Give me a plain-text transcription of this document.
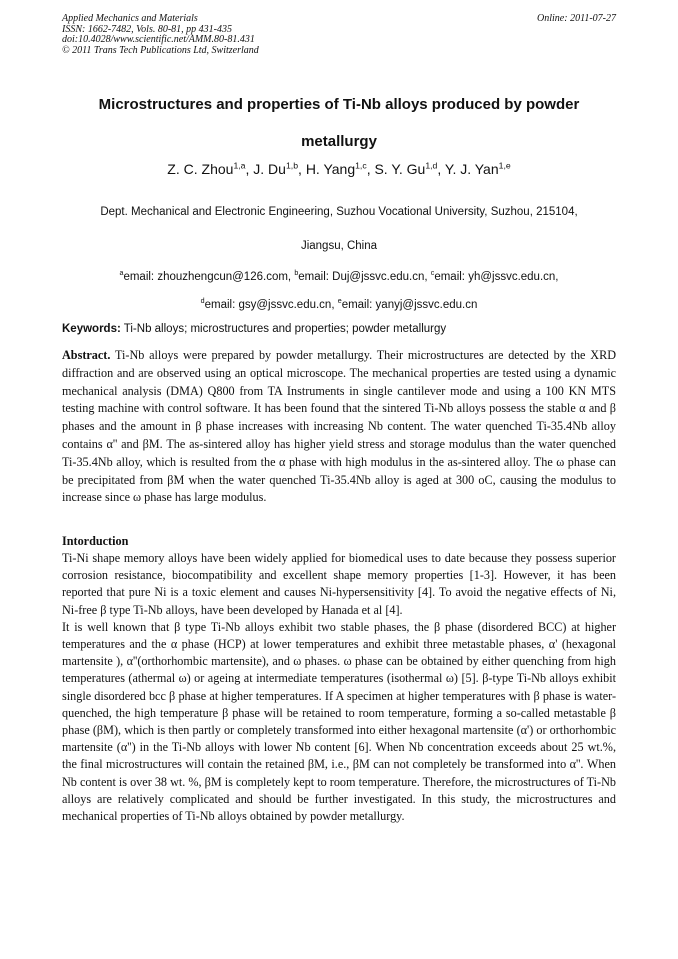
Applied Mechanics and Materials
ISSN: 1662-7482, Vols. 80-81, pp 431-435
doi:10.4028/www.scientific.net/AMM.80-81.431
© 2011 Trans Tech Publications Ltd, Switzerland
Online: 2011-07-27
Microstructures and properties of Ti-Nb alloys produced by powder
metallurgy
Z. C. Zhou$^{1,a}$, J. Du$^{1,b}$, H. Yang$^{1,c}$, S. Y. Gu$^{1,d}$, Y. J. Yan$^{1,e}$
Dept. Mechanical and Electronic Engineering, Suzhou Vocational University, Suzhou, 215104,
Jiangsu, China
$^a$email: zhouzhengcun@126.com, $^b$email: Duj@jssvc.edu.cn, $^c$email: yh@jssvc.edu.cn,
$^d$email: gsy@jssvc.edu.cn, $^e$email: yanyj@jssvc.edu.cn
Keywords: Ti-Nb alloys; microstructures and properties; powder metallurgy
Abstract. Ti-Nb alloys were prepared by powder metallurgy. Their microstructures are detected by the XRD diffraction and are observed using an optical microscope. The mechanical properties are tested using a dynamic mechanical analysis (DMA) Q800 from TA Instruments in single cantilever mode and using a 100 KN MTS testing machine with control software. It has been found that the sintered Ti-Nb alloys possess the stable α and β phases and the amount in β phase increases with increasing Nb content. The water quenched Ti-35.4Nb alloy contains α'' and βM. The as-sintered alloy has higher yield stress and storage modulus than the water quenched Ti-35.4Nb alloy, which is resulted from the α phase with high modulus in the as-sintered alloy. The ω phase can be precipitated from βM when the water quenched Ti-35.4Nb alloy is aged at 300 oC, causing the modulus to increase since ω phase has large modulus.
Intorduction

Ti-Ni shape memory alloys have been widely applied for biomedical uses to date because they possess superior corrosion resistance, biocompatibility and excellent shape memory properties [1-3]. However, it has been reported that pure Ni is a toxic element and causes Ni-hypersensitivity [4]. To avoid the negative effects of Ni, Ni-free β type Ti-Nb alloys, have been developed by Hanada et al [4].

It is well known that β type Ti-Nb alloys exhibit two stable phases, the β phase (disordered BCC) at higher temperatures and the α phase (HCP) at lower temperatures and exhibit three metastable phases, α' (hexagonal martensite ), α''(orthorhombic martensite), and ω phases. ω phase can be obtained by either quenching from high temperatures (athermal ω) or ageing at intermediate temperatures (isothermal ω) [5]. β-type Ti-Nb alloys exhibit single disordered bcc β phase at higher temperatures. If A specimen at higher temperatures with β phase is water-quenched, the high temperature β phase will be retained to room temperature, forming a so-called metastable β phase (βM), which is then partly or completely transformed into either hexagonal martensite (α') or orthorhombic martensite (α'') in the Ti-Nb alloys with lower Nb content [6]. When Nb concentration exceeds about 25 wt.%, the final microstructures will contain the retained βM, i.e., βM can not completely be transformed into α''. When Nb content is over 38 wt. %, βM is completely kept to room temperature. Therefore, the microstructures of Ti-Nb alloys are relatively complicated and should be further investigated. In this study, the microstructures and mechanical properties of Ti-Nb alloys obtained by powder metallurgy.
